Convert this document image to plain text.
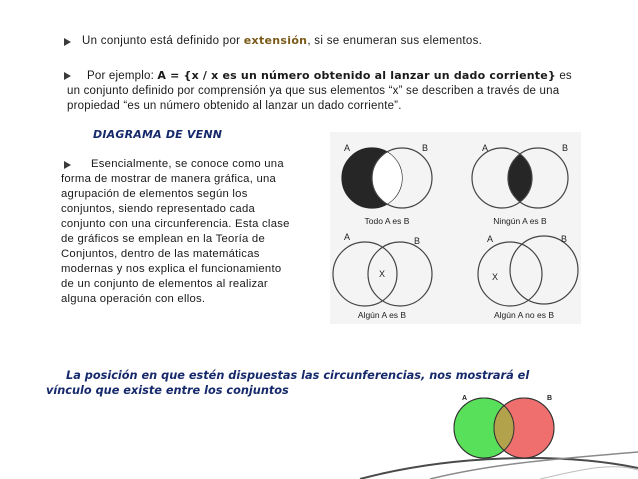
Un conjunto está definido por extensión, si se enumeran sus elementos.
Por ejemplo: A = {x / x es un número obtenido al lanzar un dado corriente} es un conjunto definido por comprensión ya que sus elementos “x” se describen a través de una propiedad “es un número obtenido al lanzar un dado corriente”.
DIAGRAMA DE VENN
Esencialmente, se conoce como una forma de mostrar de manera gráfica, una agrupación de elementos según los conjuntos, siendo representado cada conjunto con una circunferencia. Esta clase de gráficos se emplean en la Teoría de Conjuntos, dentro de las matemáticas modernas y nos explica el funcionamiento de un conjunto de elementos al realizar alguna operación con ellos.
A	B
Todo A es B
A	B
Ningún A es B
A	B
X
Algún A es B
A	B
X
Algún A no es B
La posición en que estén dispuestas las circunferencias, nos mostrará el vínculo que existe entre los conjuntos
A	B
